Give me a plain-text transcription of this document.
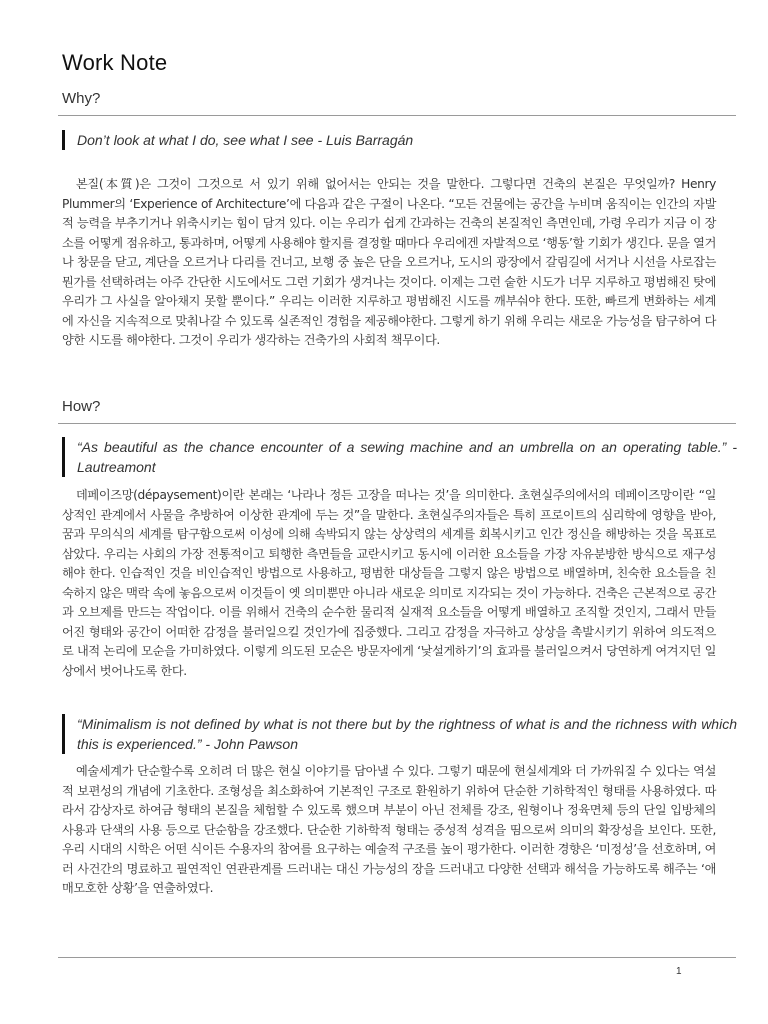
Work Note
Why?
Don’t look at what I do, see what I see - Luis Barragán
본질(本質)은 그것이 그것으로 서 있기 위해 없어서는 안되는 것을 말한다. 그렇다면 건축의 본질은 무엇일까? Henry Plummer의 ‘Experience of Architecture’에 다음과 같은 구절이 나온다. “모든 건물에는 공간을 누비며 움직이는 인간의 자발적 능력을 부추기거나 위축시키는 힘이 담겨 있다. 이는 우리가 쉽게 간과하는 건축의 본질적인 측면인데, 가령 우리가 지금 이 장소를 어떻게 점유하고, 통과하며, 어떻게 사용해야 할지를 결정할 때마다 우리에겐 자발적으로 ‘행동’할 기회가 생긴다. 문을 열거나 창문을 닫고, 계단을 오르거나 다리를 건너고, 보행 중 높은 단을 오르거나, 도시의 광장에서 갈림길에 서거나 시선을 사로잡는 뭔가를 선택하려는 아주 간단한 시도에서도 그런 기회가 생겨나는 것이다. 이제는 그런 숱한 시도가 너무 지루하고 평범해진 탓에 우리가 그 사실을 알아채지 못할 뿐이다.” 우리는 이러한 지루하고 평범해진 시도를 깨부숴야 한다. 또한, 빠르게 변화하는 세계에 자신을 지속적으로 맞춰나갈 수 있도록 실존적인 경험을 제공해야한다. 그렇게 하기 위해 우리는 새로운 가능성을 탐구하여 다양한 시도를 해야한다. 그것이 우리가 생각하는 건축가의 사회적 책무이다.
How?
“As beautiful as the chance encounter of a sewing machine and an umbrella on an operating table.” - Lautreamont
데페이즈망(dépaysement)이란 본래는 ‘나라나 정든 고장을 떠나는 것’을 의미한다. 초현실주의에서의 데페이즈망이란 “일상적인 관계에서 사물을 추방하여 이상한 관계에 두는 것”을 말한다. 초현실주의자들은 특히 프로이트의 심리학에 영향을 받아, 꿈과 무의식의 세계를 탐구함으로써 이성에 의해 속박되지 않는 상상력의 세계를 회복시키고 인간 정신을 해방하는 것을 목표로 삼았다. 우리는 사회의 가장 전통적이고 퇴행한 측면들을 교란시키고 동시에 이러한 요소들을 가장 자유분방한 방식으로 재구성해야 한다. 인습적인 것을 비인습적인 방법으로 사용하고, 평범한 대상들을 그렇지 않은 방법으로 배열하며, 친숙한 요소들을 친숙하지 않은 맥락 속에 놓음으로써 이것들이 옛 의미뿐만 아니라 새로운 의미로 지각되는 것이 가능하다. 건축은 근본적으로 공간과 오브제를 만드는 작업이다. 이를 위해서 건축의 순수한 물리적 실재적 요소들을 어떻게 배열하고 조직할 것인지, 그래서 만들어진 형태와 공간이 어떠한 감정을 불러일으킬 것인가에 집중했다. 그리고 감정을 자극하고 상상을 촉발시키기 위하여 의도적으로 내적 논리에 모순을 가미하였다. 이렇게 의도된 모순은 방문자에게 ‘낯설게하기’의 효과를 불러일으켜서 당연하게 여겨지던 일상에서 벗어나도록 한다.
“Minimalism is not defined by what is not there but by the rightness of what is and the richness with which this is experienced.” - John Pawson
예술세계가 단순할수록 오히려 더 많은 현실 이야기를 담아낼 수 있다. 그렇기 때문에 현실세계와 더 가까워질 수 있다는 역설적 보편성의 개념에 기초한다. 조형성을 최소화하여 기본적인 구조로 환원하기 위하여 단순한 기하학적인 형태를 사용하였다. 따라서 감상자로 하여금 형태의 본질을 체험할 수 있도록 했으며 부분이 아닌 전체를 강조, 원형이나 정육면체 등의 단일 입방체의 사용과 단색의 사용 등으로 단순함을 강조했다. 단순한 기하학적 형태는 중성적 성격을 띰으로써 의미의 확장성을 보인다. 또한, 우리 시대의 시학은 어떤 식이든 수용자의 참여를 요구하는 예술적 구조를 높이 평가한다. 이러한 경향은 ‘미정성’을 선호하며, 여러 사건간의 명료하고 필연적인 연관관계를 드러내는 대신 가능성의 장을 드러내고 다양한 선택과 해석을 가능하도록 해주는 ‘애매모호한 상황’을 연출하였다.
1
